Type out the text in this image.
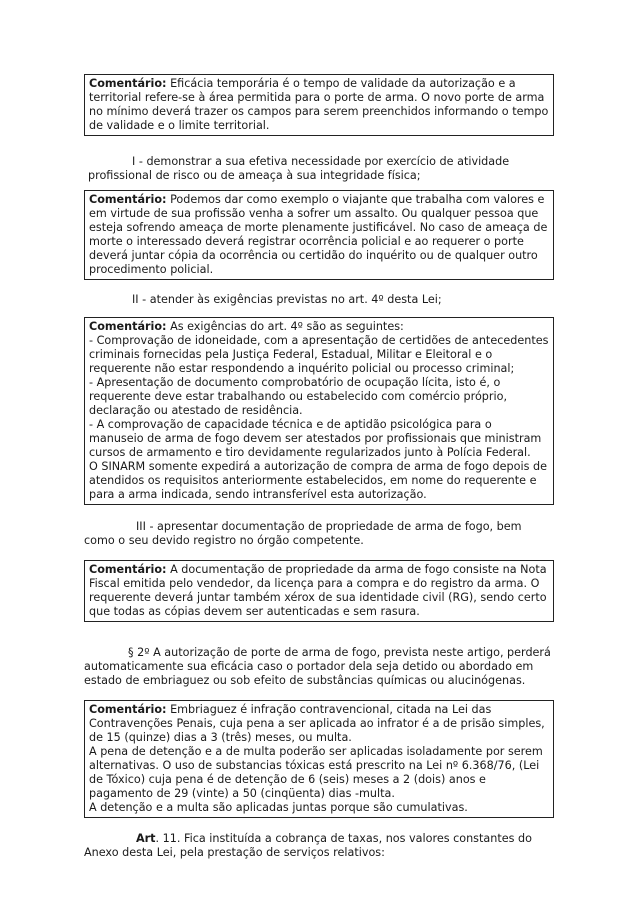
Comentário: Eficácia temporária é o tempo de validade da autorização e a territorial refere-se à área permitida para o porte de arma. O novo porte de arma no mínimo deverá trazer os campos para serem preenchidos informando o tempo de validade e o limite territorial.

I - demonstrar a sua efetiva necessidade por exercício de atividade profissional de risco ou de ameaça à sua integridade física;

Comentário: Podemos dar como exemplo o viajante que trabalha com valores e em virtude de sua profissão venha a sofrer um assalto. Ou qualquer pessoa que esteja sofrendo ameaça de morte plenamente justificável. No caso de ameaça de morte o interessado deverá registrar ocorrência policial e ao requerer o porte deverá juntar cópia da ocorrência ou certidão do inquérito ou de qualquer outro procedimento policial.

II - atender às exigências previstas no art. 4º desta Lei;

Comentário: As exigências do art. 4º são as seguintes:

- Comprovação de idoneidade, com a apresentação de certidões de antecedentes criminais fornecidas pela Justiça Federal, Estadual, Militar e Eleitoral e o requerente não estar respondendo a inquérito policial ou processo criminal;

- Apresentação de documento comprobatório de ocupação lícita, isto é, o requerente deve estar trabalhando ou estabelecido com comércio próprio, declaração ou atestado de residência.

- A comprovação de capacidade técnica e de aptidão psicológica para o manuseio de arma de fogo devem ser atestados por profissionais que ministram cursos de armamento e tiro devidamente regularizados junto à Polícia Federal.

O SINARM somente expedirá a autorização de compra de arma de fogo depois de atendidos os requisitos anteriormente estabelecidos, em nome do requerente e para a arma indicada, sendo intransferível esta autorização.

III - apresentar documentação de propriedade de arma de fogo, bem como o seu devido registro no órgão competente.

Comentário: A documentação de propriedade da arma de fogo consiste na Nota Fiscal emitida pelo vendedor, da licença para a compra e do registro da arma. O requerente deverá juntar também xérox de sua identidade civil (RG), sendo certo que todas as cópias devem ser autenticadas e sem rasura.

§ 2º A autorização de porte de arma de fogo, prevista neste artigo, perderá automaticamente sua eficácia caso o portador dela seja detido ou abordado em estado de embriaguez ou sob efeito de substâncias químicas ou alucinógenas.

Comentário: Embriaguez é infração contravencional, citada na Lei das Contravenções Penais, cuja pena a ser aplicada ao infrator é a de prisão simples, de 15 (quinze) dias a 3 (três) meses, ou multa.

A pena de detenção e a de multa poderão ser aplicadas isoladamente por serem alternativas. O uso de substancias tóxicas está prescrito na Lei nº 6.368/76, (Lei de Tóxico) cuja pena é de detenção de 6 (seis) meses a 2 (dois) anos e pagamento de 29 (vinte) a 50 (cinqüenta) dias -multa.

A detenção e a multa são aplicadas juntas porque são cumulativas.

Art. 11. Fica instituída a cobrança de taxas, nos valores constantes do Anexo desta Lei, pela prestação de serviços relativos:
